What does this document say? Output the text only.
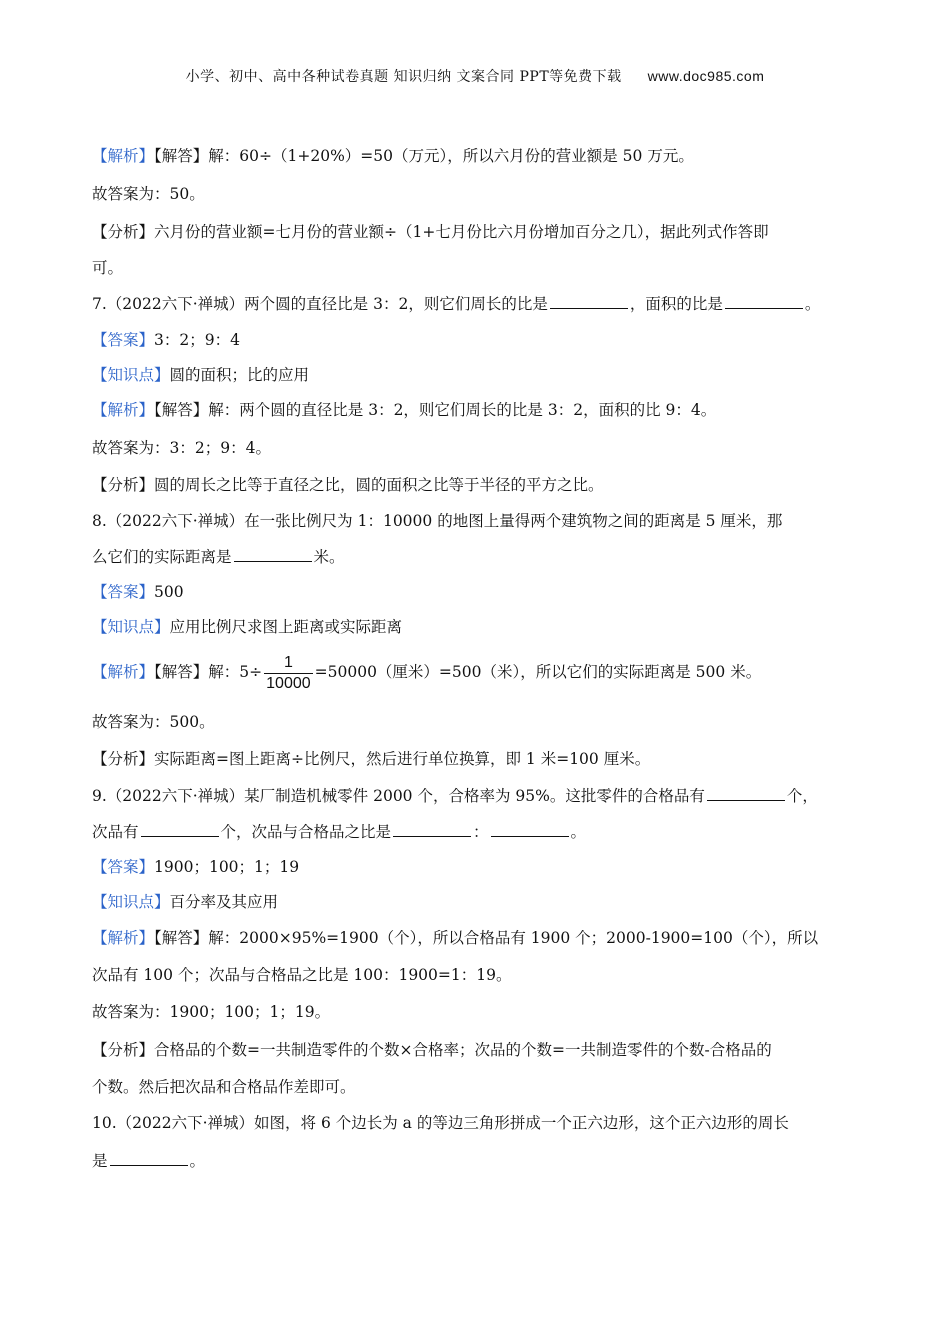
小学、初中、高中各种试卷真题 知识归纳 文案合同 PPT等免费下载 www.doc985.com
【解析】【解答】解：60÷（1+20%）=50（万元），所以六月份的营业额是 50 万元。
故答案为：50。
【分析】六月份的营业额=七月份的营业额÷（1+七月份比六月份增加百分之几），据此列式作答即
可。
7.（2022六下·禅城）两个圆的直径比是 3：2，则它们周长的比是	，面积的比是	。
【答案】3：2；9：4
【知识点】圆的面积；比的应用
【解析】【解答】解：两个圆的直径比是 3：2，则它们周长的比是 3：2，面积的比 9：4。
故答案为：3：2；9：4。
【分析】圆的周长之比等于直径之比，圆的面积之比等于半径的平方之比。
8.（2022六下·禅城）在一张比例尺为 1：10000 的地图上量得两个建筑物之间的距离是 5 厘米，那
么它们的实际距离是	米。
【答案】500
【知识点】应用比例尺求图上距离或实际距离
【解析】【解答】解：$5\div \frac{1}{10000} =50000$（厘米）=500（米），所以它们的实际距离是 500 米。
故答案为：500。
【分析】实际距离=图上距离÷比例尺，然后进行单位换算，即 1 米=100 厘米。
9.（2022六下·禅城）某厂制造机械零件 2000 个，合格率为 95%。这批零件的合格品有	个，
次品有	个，次品与合格品之比是	：	。
【答案】1900；100；1；19
【知识点】百分率及其应用
【解析】【解答】解：2000×95%=1900（个），所以合格品有 1900 个；2000-1900=100（个），所以
次品有 100 个；次品与合格品之比是 100：1900=1：19。
故答案为：1900；100；1；19。
【分析】合格品的个数=一共制造零件的个数×合格率；次品的个数=一共制造零件的个数-合格品的
个数。然后把次品和合格品作差即可。
10.（2022六下·禅城）如图，将 6 个边长为 a 的等边三角形拼成一个正六边形，这个正六边形的周长
是	。
